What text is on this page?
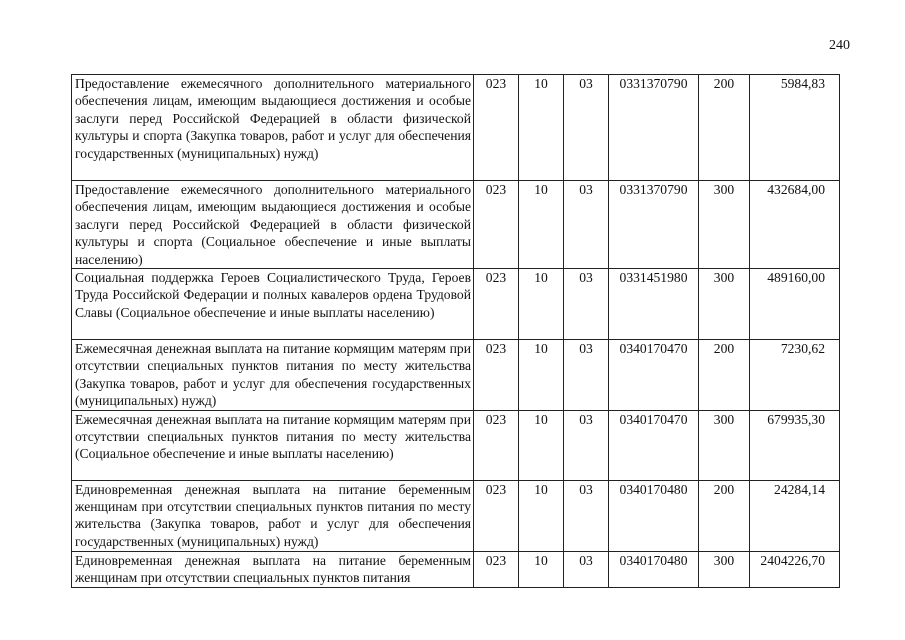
240
Предоставление ежемесячного дополнительного материального обеспечения лицам, имеющим выдающиеся достижения и особые заслуги перед Российской Федерацией в области физической культуры и спорта (Закупка товаров, работ и услуг для обеспечения государственных (муниципальных) нужд)	023	10	03	0331370790	200	5984,83
Предоставление ежемесячного дополнительного материального обеспечения лицам, имеющим выдающиеся достижения и особые заслуги перед Российской Федерацией в области физической культуры и спорта (Социальное обеспечение и иные выплаты населению)	023	10	03	0331370790	300	432684,00
Социальная поддержка Героев Социалистического Труда, Героев Труда Российской Федерации и полных кавалеров ордена Трудовой Славы (Социальное обеспечение и иные выплаты населению)	023	10	03	0331451980	300	489160,00
Ежемесячная денежная выплата на питание кормящим матерям при отсутствии специальных пунктов питания по месту жительства (Закупка товаров, работ и услуг для обеспечения государственных (муниципальных) нужд)	023	10	03	0340170470	200	7230,62
Ежемесячная денежная выплата на питание кормящим матерям при отсутствии специальных пунктов питания по месту жительства (Социальное обеспечение и иные выплаты населению)	023	10	03	0340170470	300	679935,30
Единовременная денежная выплата на питание беременным женщинам при отсутствии специальных пунктов питания по месту жительства (Закупка товаров, работ и услуг для обеспечения государственных (муниципальных) нужд)	023	10	03	0340170480	200	24284,14
Единовременная денежная выплата на питание беременным женщинам при отсутствии специальных пунктов питания	023	10	03	0340170480	300	2404226,70
